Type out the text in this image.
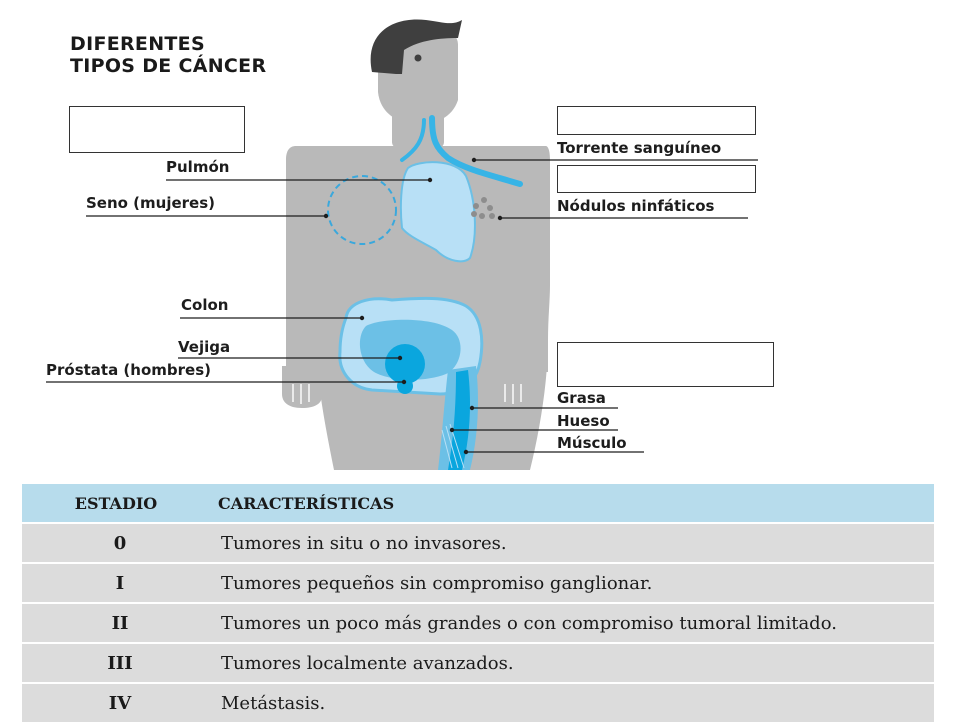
DIFERENTES
TIPOS DE CÁNCER
Pulmón
Seno (mujeres)
Colon
Vejiga
Próstata (hombres)
Torrente sanguíneo
Nódulos ninfáticos
Grasa
Hueso
Músculo
ESTADIO	CARACTERÍSTICAS
0	Tumores in situ o no invasores.
I	Tumores pequeños sin compromiso ganglionar.
II	Tumores un poco más grandes o con compromiso tumoral limitado.
III	Tumores localmente avanzados.
IV	Metástasis.
